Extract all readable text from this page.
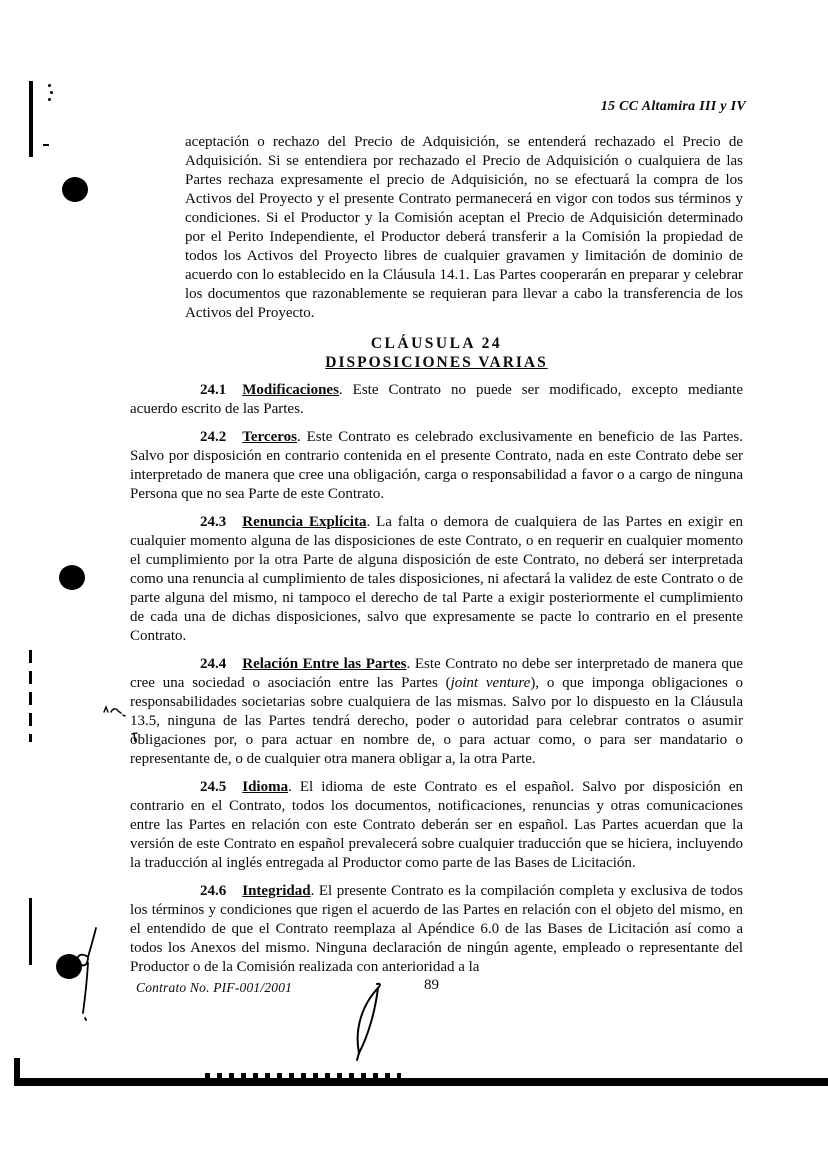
15 CC Altamira III y IV

aceptación o rechazo del Precio de Adquisición, se entenderá rechazado el Precio de Adquisición. Si se entendiera por rechazado el Precio de Adquisición o cualquiera de las Partes rechaza expresamente el precio de Adquisición, no se efectuará la compra de los Activos del Proyecto y el presente Contrato permanecerá en vigor con todos sus términos y condiciones. Si el Productor y la Comisión aceptan el Precio de Adquisición determinado por el Perito Independiente, el Productor deberá transferir a la Comisión la propiedad de todos los Activos del Proyecto libres de cualquier gravamen y limitación de dominio de acuerdo con lo establecido en la Cláusula 14.1. Las Partes cooperarán en preparar y celebrar los documentos que razonablemente se requieran para llevar a cabo la transferencia de los Activos del Proyecto.

CLÁUSULA 24
DISPOSICIONES VARIAS

24.1 Modificaciones. Este Contrato no puede ser modificado, excepto mediante acuerdo escrito de las Partes.

24.2 Terceros. Este Contrato es celebrado exclusivamente en beneficio de las Partes. Salvo por disposición en contrario contenida en el presente Contrato, nada en este Contrato debe ser interpretado de manera que cree una obligación, carga o responsabilidad a favor o a cargo de ninguna Persona que no sea Parte de este Contrato.

24.3 Renuncia Explícita. La falta o demora de cualquiera de las Partes en exigir en cualquier momento alguna de las disposiciones de este Contrato, o en requerir en cualquier momento el cumplimiento por la otra Parte de alguna disposición de este Contrato, no deberá ser interpretada como una renuncia al cumplimiento de tales disposiciones, ni afectará la validez de este Contrato o de parte alguna del mismo, ni tampoco el derecho de tal Parte a exigir posteriormente el cumplimiento de cada una de dichas disposiciones, salvo que expresamente se pacte lo contrario en el presente Contrato.

24.4 Relación Entre las Partes. Este Contrato no debe ser interpretado de manera que cree una sociedad o asociación entre las Partes (joint venture), o que imponga obligaciones o responsabilidades societarias sobre cualquiera de las mismas. Salvo por lo dispuesto en la Cláusula 13.5, ninguna de las Partes tendrá derecho, poder o autoridad para celebrar contratos o asumir obligaciones por, o para actuar en nombre de, o para actuar como, o para ser mandatario o representante de, o de cualquier otra manera obligar a, la otra Parte.

24.5 Idioma. El idioma de este Contrato es el español. Salvo por disposición en contrario en el Contrato, todos los documentos, notificaciones, renuncias y otras comunicaciones entre las Partes en relación con este Contrato deberán ser en español. Las Partes acuerdan que la versión de este Contrato en español prevalecerá sobre cualquier traducción que se hiciera, incluyendo la traducción al inglés entregada al Productor como parte de las Bases de Licitación.

24.6 Integridad. El presente Contrato es la compilación completa y exclusiva de todos los términos y condiciones que rigen el acuerdo de las Partes en relación con el objeto del mismo, en el entendido de que el Contrato reemplaza al Apéndice 6.0 de las Bases de Licitación así como a todos los Anexos del mismo. Ninguna declaración de ningún agente, empleado o representante del Productor o de la Comisión realizada con anterioridad a la

Contrato No. PIF-001/2001	89
